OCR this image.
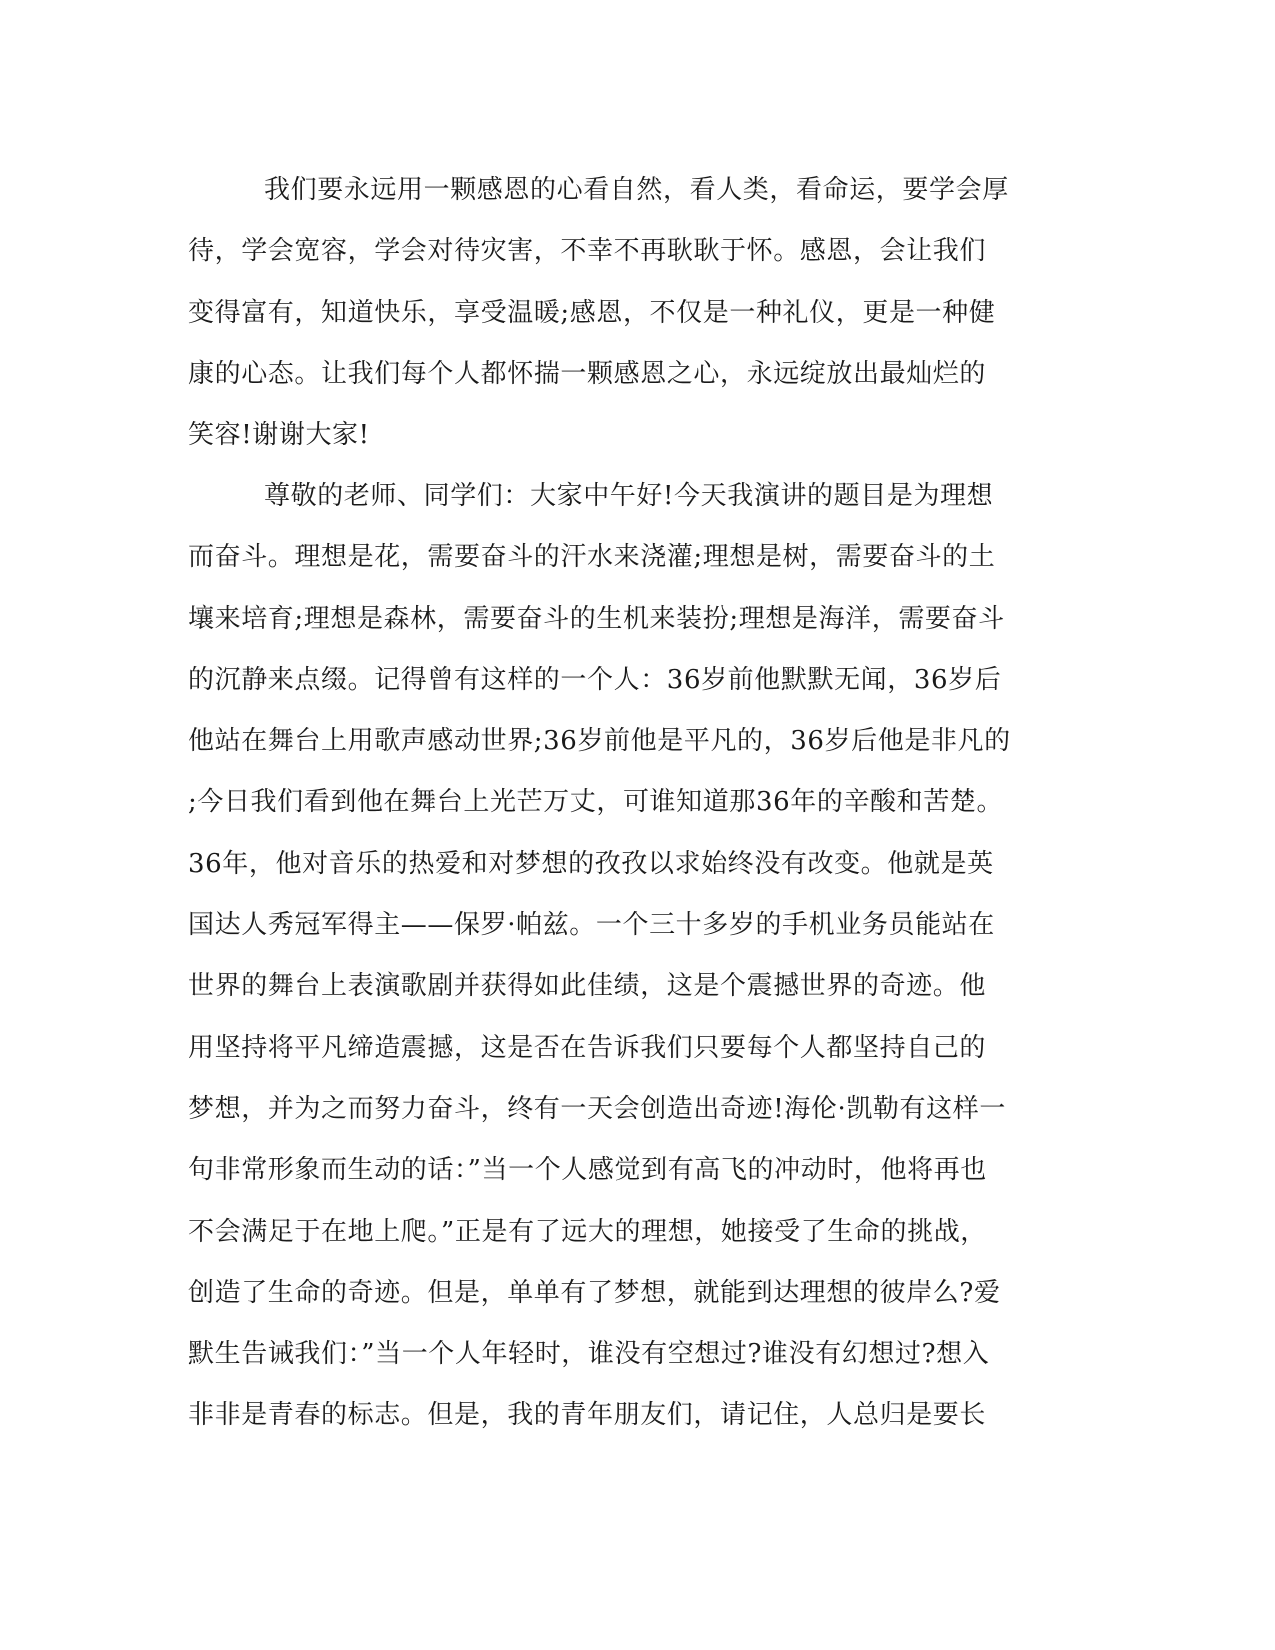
我们要永远用一颗感恩的心看自然，看人类，看命运，要学会厚
待，学会宽容，学会对待灾害，不幸不再耿耿于怀。感恩，会让我们
变得富有，知道快乐，享受温暖;感恩，不仅是一种礼仪，更是一种健
康的心态。让我们每个人都怀揣一颗感恩之心，永远绽放出最灿烂的
笑容!谢谢大家!
尊敬的老师、同学们：大家中午好!今天我演讲的题目是为理想
而奋斗。理想是花，需要奋斗的汗水来浇灌;理想是树，需要奋斗的土
壤来培育;理想是森林，需要奋斗的生机来装扮;理想是海洋，需要奋斗
的沉静来点缀。记得曾有这样的一个人：36岁前他默默无闻，36岁后
他站在舞台上用歌声感动世界;36岁前他是平凡的，36岁后他是非凡的
;今日我们看到他在舞台上光芒万丈，可谁知道那36年的辛酸和苦楚。
36年，他对音乐的热爱和对梦想的孜孜以求始终没有改变。他就是英
国达人秀冠军得主——保罗·帕兹。一个三十多岁的手机业务员能站在
世界的舞台上表演歌剧并获得如此佳绩，这是个震撼世界的奇迹。他
用坚持将平凡缔造震撼，这是否在告诉我们只要每个人都坚持自己的
梦想，并为之而努力奋斗，终有一天会创造出奇迹!海伦·凯勒有这样一
句非常形象而生动的话：”当一个人感觉到有高飞的冲动时，他将再也
不会满足于在地上爬。”正是有了远大的理想，她接受了生命的挑战，
创造了生命的奇迹。但是，单单有了梦想，就能到达理想的彼岸么?爱
默生告诫我们：”当一个人年轻时，谁没有空想过?谁没有幻想过?想入
非非是青春的标志。但是，我的青年朋友们，请记住，人总归是要长
